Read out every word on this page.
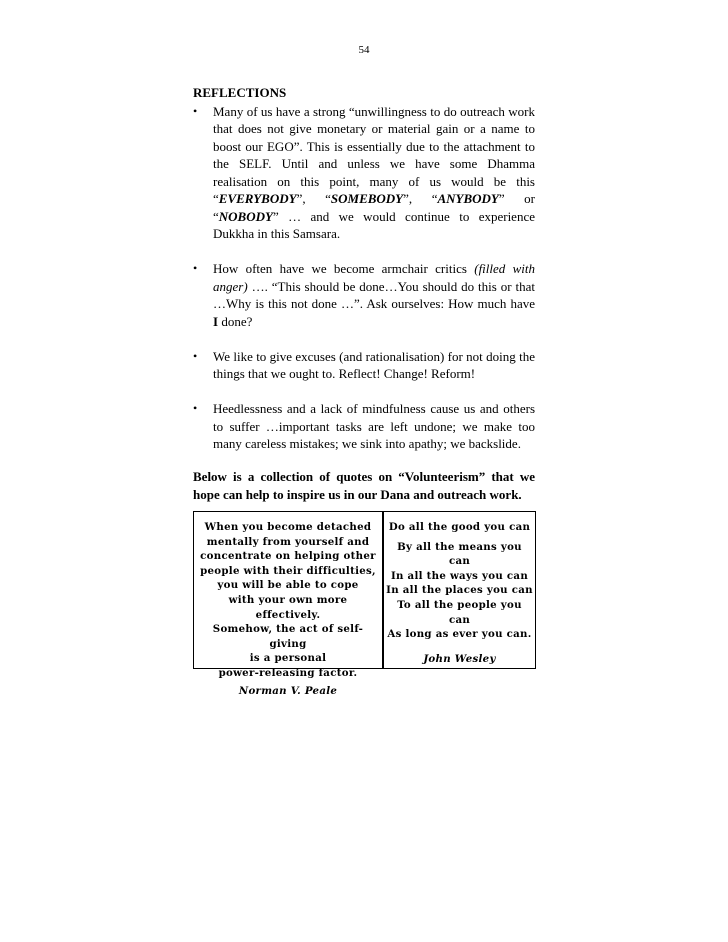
54
REFLECTIONS
• Many of us have a strong “unwillingness to do outreach work that does not give monetary or material gain or a name to boost our EGO”. This is essentially due to the attachment to the SELF. Until and unless we have some Dhamma realisation on this point, many of us would be this “EVERYBODY”, “SOMEBODY”, “ANYBODY” or “NOBODY” … and we would continue to experience Dukkha in this Samsara.
• How often have we become armchair critics (filled with anger) …. “This should be done…You should do this or that …Why is this not done …”. Ask ourselves: How much have I done?
• We like to give excuses (and rationalisation) for not doing the things that we ought to. Reflect! Change! Reform!
• Heedlessness and a lack of mindfulness cause us and others to suffer …important tasks are left undone; we make too many careless mistakes; we sink into apathy; we backslide.
Below is a collection of quotes on “Volunteerism” that we hope can help to inspire us in our Dana and outreach work.
When you become detached
mentally from yourself and
concentrate on helping other
people with their difficulties,
you will be able to cope
with your own more effectively.
Somehow, the act of self-giving
is a personal
power-releasing factor.
Norman V. Peale
Do all the good you can
By all the means you can
In all the ways you can
In all the places you can
To all the people you can
As long as ever you can.
John Wesley
